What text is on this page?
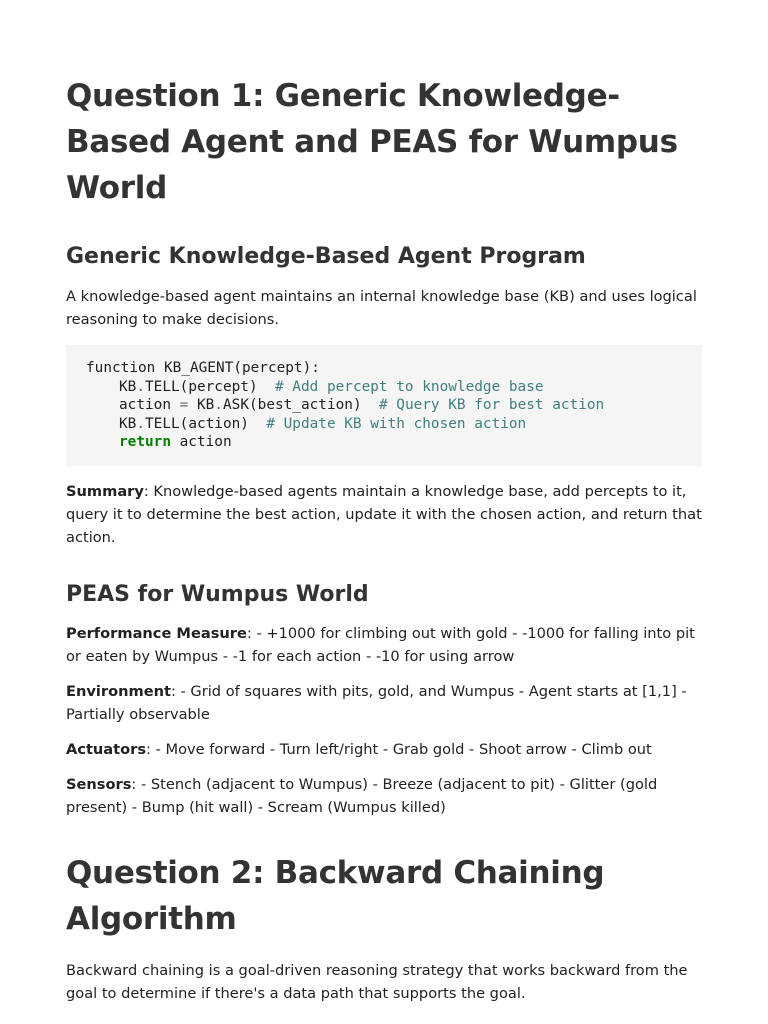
Question 1: Generic Knowledge-Based Agent and PEAS for Wumpus World
Generic Knowledge-Based Agent Program

A knowledge-based agent maintains an internal knowledge base (KB) and uses logical reasoning to make decisions.

function KB_AGENT(percept):
KB.TELL(percept)  # Add percept to knowledge base
action = KB.ASK(best_action)  # Query KB for best action
KB.TELL(action)  # Update KB with chosen action
return action

Summary: Knowledge-based agents maintain a knowledge base, add percepts to it, query it to determine the best action, update it with the chosen action, and return that action.

PEAS for Wumpus World

Performance Measure: - +1000 for climbing out with gold - -1000 for falling into pit or eaten by Wumpus - -1 for each action - -10 for using arrow

Environment: - Grid of squares with pits, gold, and Wumpus - Agent starts at [1,1] - Partially observable

Actuators: - Move forward - Turn left/right - Grab gold - Shoot arrow - Climb out

Sensors: - Stench (adjacent to Wumpus) - Breeze (adjacent to pit) - Glitter (gold present) - Bump (hit wall) - Scream (Wumpus killed)

Question 2: Backward Chaining Algorithm

Backward chaining is a goal-driven reasoning strategy that works backward from the goal to determine if there's a data path that supports the goal.
